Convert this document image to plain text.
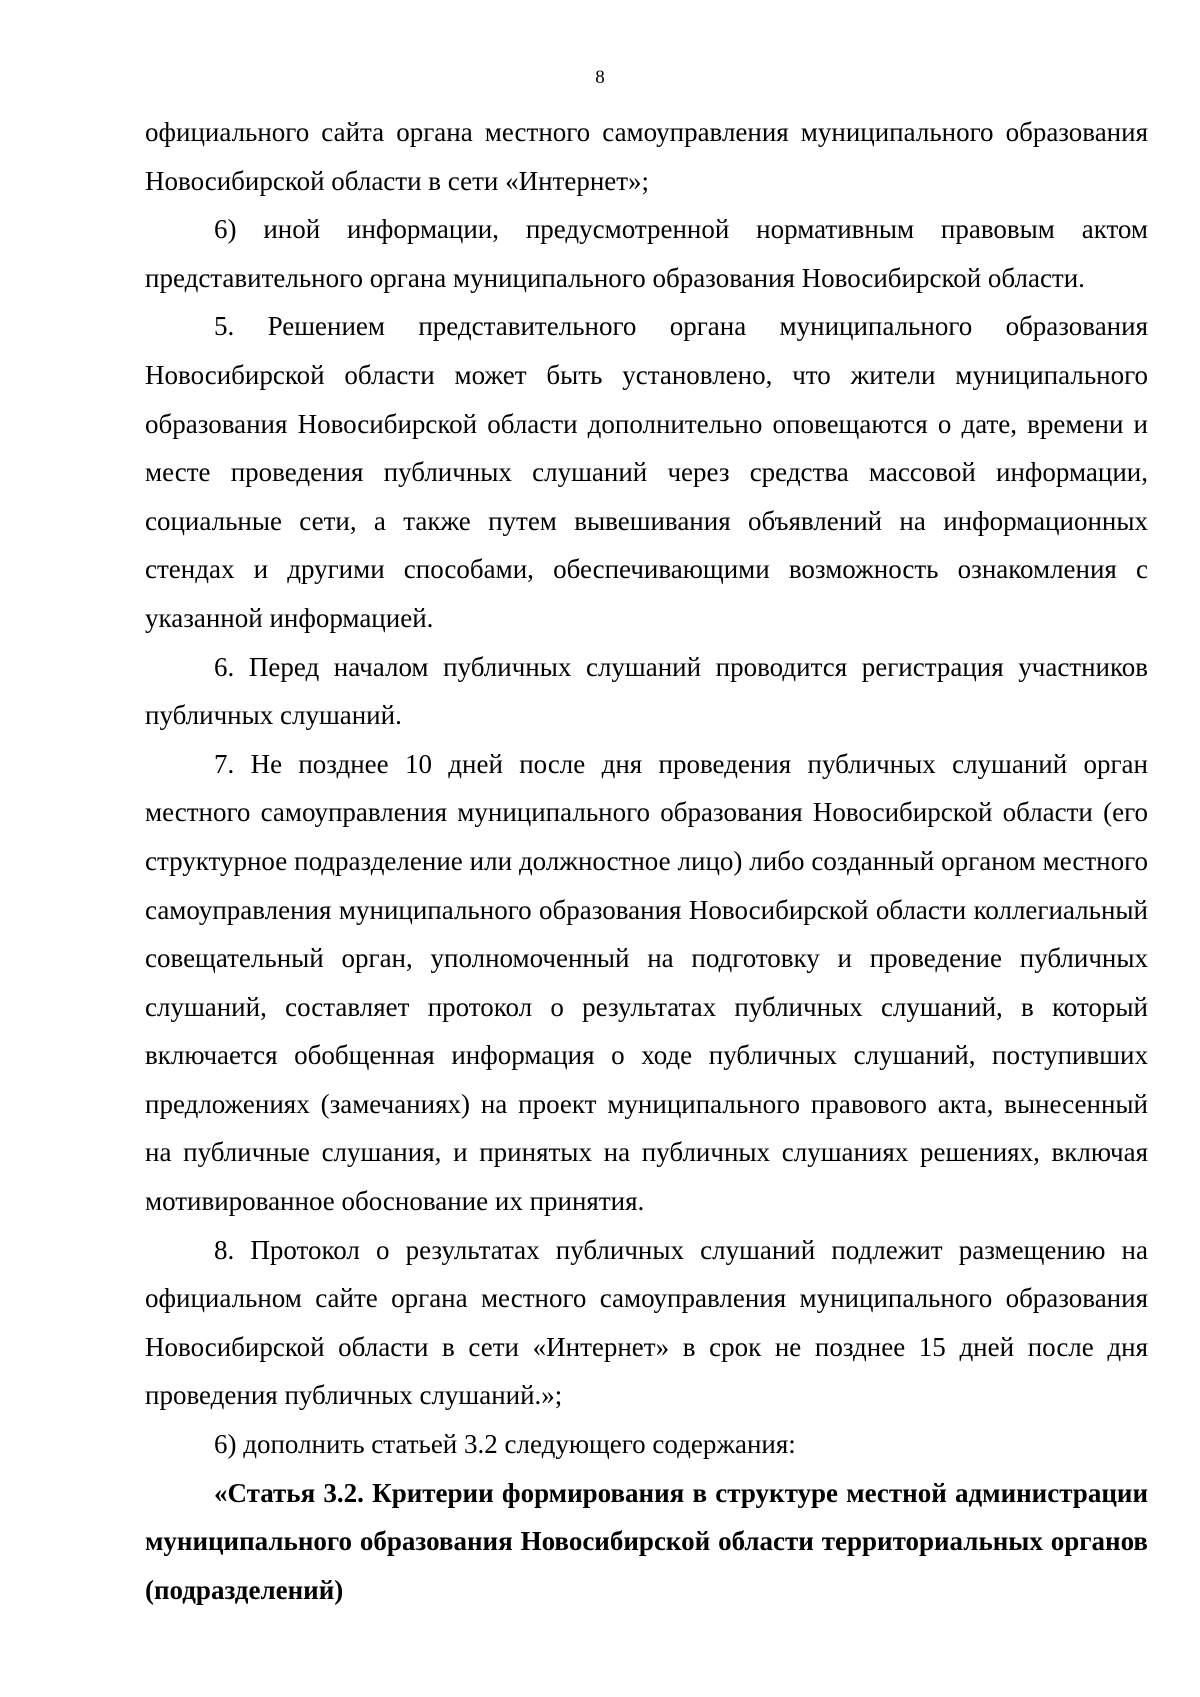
8

официального сайта органа местного самоуправления муниципального образования Новосибирской области в сети «Интернет»;

6) иной информации, предусмотренной нормативным правовым актом представительного органа муниципального образования Новосибирской области.

5. Решением представительного органа муниципального образования Новосибирской области может быть установлено, что жители муниципального образования Новосибирской области дополнительно оповещаются о дате, времени и месте проведения публичных слушаний через средства массовой информации, социальные сети, а также путем вывешивания объявлений на информационных стендах и другими способами, обеспечивающими возможность ознакомления с указанной информацией.

6. Перед началом публичных слушаний проводится регистрация участников публичных слушаний.

7. Не позднее 10 дней после дня проведения публичных слушаний орган местного самоуправления муниципального образования Новосибирской области (его структурное подразделение или должностное лицо) либо созданный органом местного самоуправления муниципального образования Новосибирской области коллегиальный совещательный орган, уполномоченный на подготовку и проведение публичных слушаний, составляет протокол о результатах публичных слушаний, в который включается обобщенная информация о ходе публичных слушаний, поступивших предложениях (замечаниях) на проект муниципального правового акта, вынесенный на публичные слушания, и принятых на публичных слушаниях решениях, включая мотивированное обоснование их принятия.

8. Протокол о результатах публичных слушаний подлежит размещению на официальном сайте органа местного самоуправления муниципального образования Новосибирской области в сети «Интернет» в срок не позднее 15 дней после дня проведения публичных слушаний.»;

6) дополнить статьей 3.2 следующего содержания:

«Статья 3.2. Критерии формирования в структуре местной администрации муниципального образования Новосибирской области территориальных органов (подразделений)
